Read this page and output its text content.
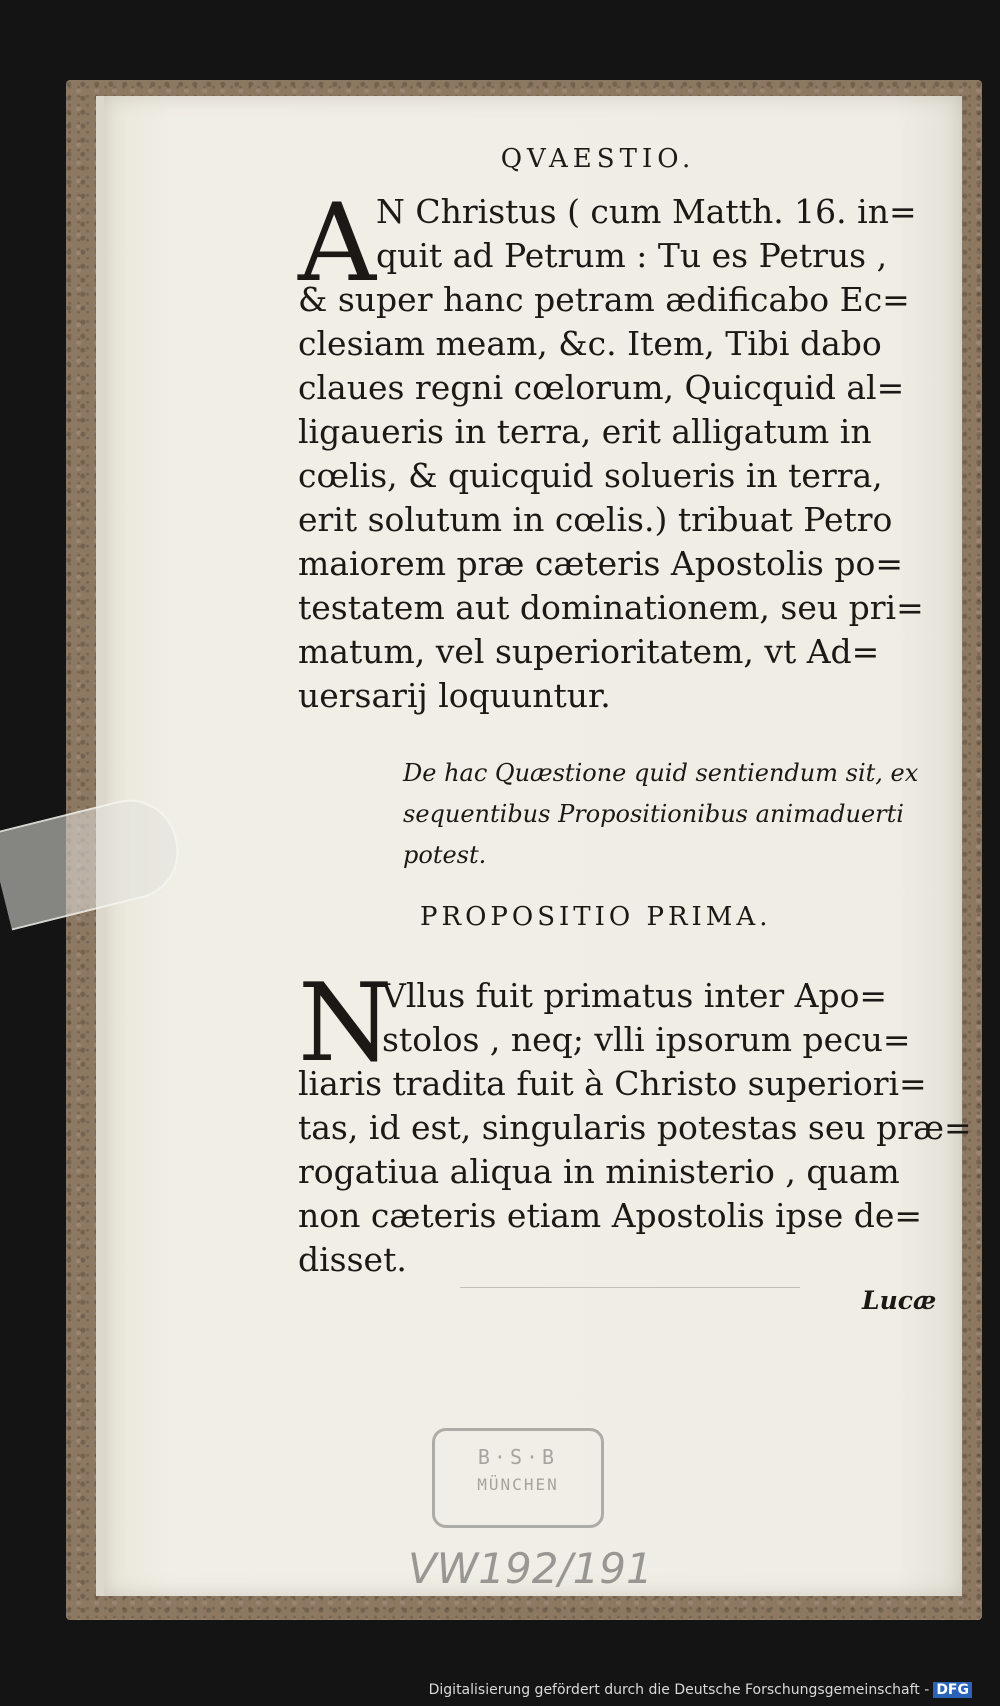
QVAESTIO.
A N Christus ( cum Matth. 16. in=
quit ad Petrum : Tu es Petrus ,
& super hanc petram ædificabo Ec=
clesiam meam, &c. Item, Tibi dabo
claues regni cœlorum, Quicquid al=
ligaueris in terra, erit alligatum in
cœlis, & quicquid solueris in terra,
erit solutum in cœlis.) tribuat Petro
maiorem præ cæteris Apostolis po=
testatem aut dominationem, seu pri=
matum, vel superioritatem, vt Ad=
uersarij loquuntur.
De hac Quæstione quid sentiendum sit, ex
sequentibus Propositionibus animaduerti
potest.
PROPOSITIO PRIMA.
N
Vllus fuit primatus inter Apo=
stolos , neq; vlli ipsorum pecu=
liaris tradita fuit à Christo superiori=
tas, id est, singularis potestas seu præ=
rogatiua aliqua in ministerio , quam
non cæteris etiam Apostolis ipse de=
disset.
Lucæ
B·S·B
MÜNCHEN
VW192/191
Digitalisierung gefördert durch die Deutsche Forschungsgemeinschaft - DFG
